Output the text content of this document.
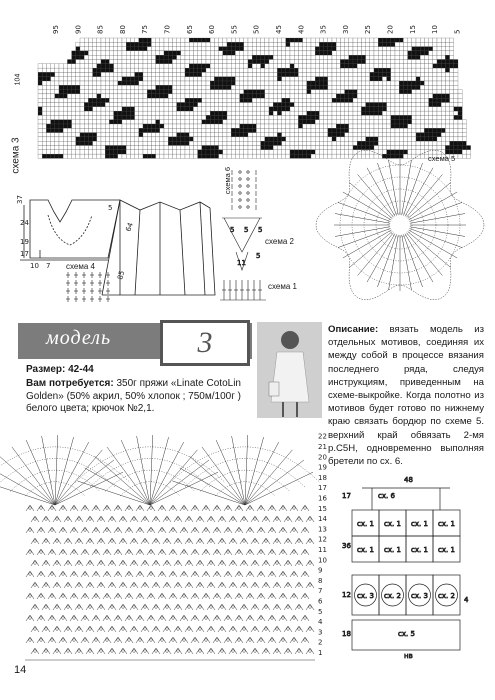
95 90 85 80 75 70 65 60 55 50 45 40 35 30 25 20 15 10 5
схема 3
104
37
24
19
17
10 7
64
85
5
5 5 5
11
5
1
2
3
4
5
6
7
8
9
10
11
12
13
14
15
16
17
18
19
20
21
22
48
17
36
12
18
сх. 1 сх. 1 сх. 1 сх. 1
сх. 1 сх. 1 сх. 1 сх. 1
сх. 3 сх. 2 сх. 3 сх. 2
сх. 6
сх. 5
нв
4
схема 6
схема 2
схема 1
схема 4
схема 5
модель	3	Описание: вязать модель из отдельных мотивов, соединяя их между собой в процессе вязания последнего ряда, следуя инструкциям, приведенным на схеме-выкройке. Когда полотно из мотивов будет готово по нижнему краю связать бордюр по схеме 5. верхний край обвязать 2-мя р.С5Н, одновременно выполняя бретели по сх. 6.
Размер: 42-44
Вам потребуется: 350г пряжи «Linate CotoLin Golden» (50% акрил, 50% хлопок ; 750м/100г ) белого цвета; крючок №2,1.
14
